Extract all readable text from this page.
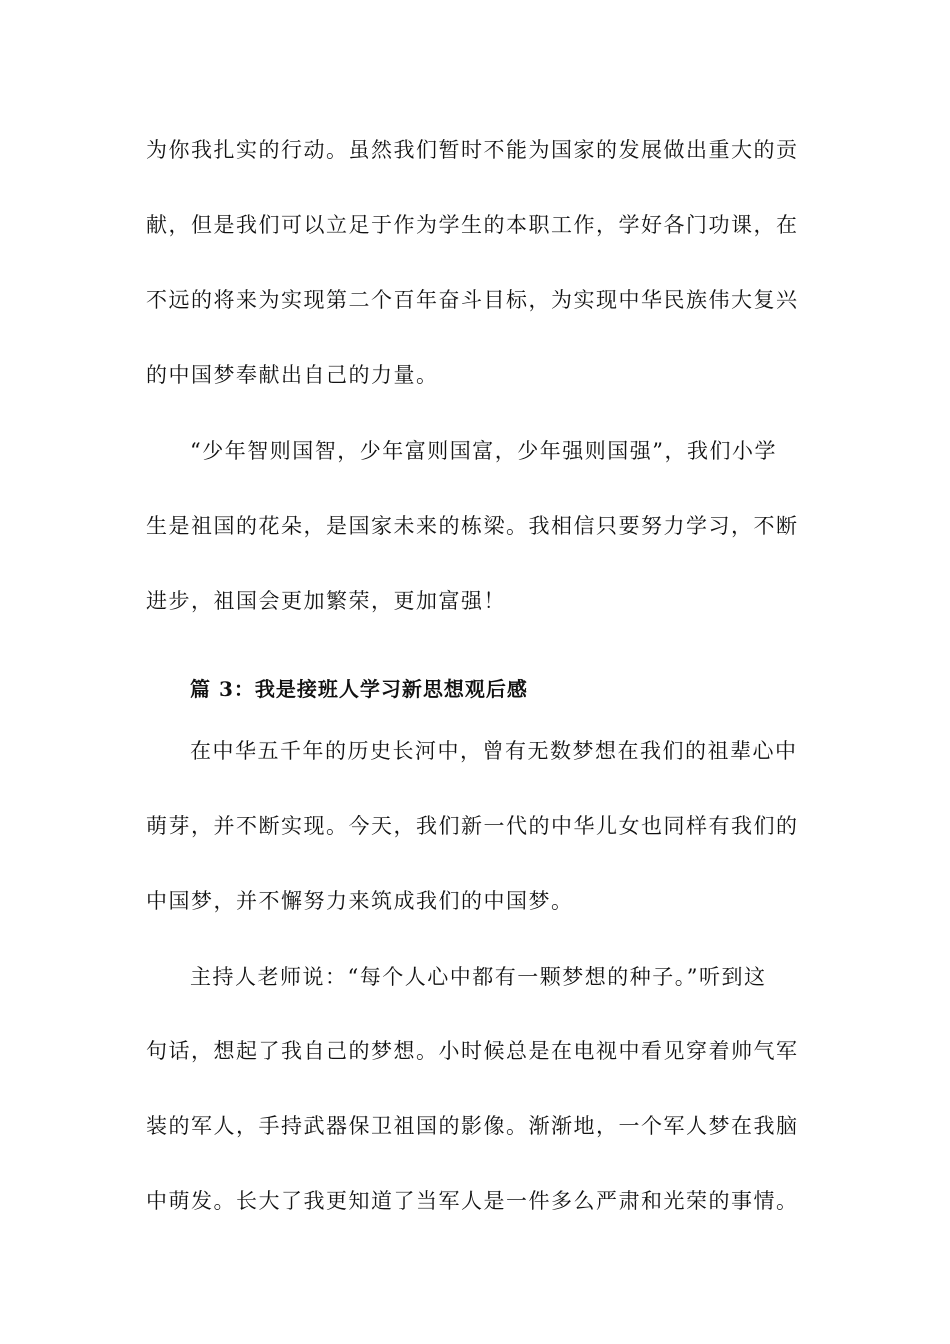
为你我扎实的行动。虽然我们暂时不能为国家的发展做出重大的贡
献，但是我们可以立足于作为学生的本职工作，学好各门功课，在
不远的将来为实现第二个百年奋斗目标，为实现中华民族伟大复兴
的中国梦奉献出自己的力量。
“少年智则国智，少年富则国富，少年强则国强”，我们小学
生是祖国的花朵，是国家未来的栋梁。我相信只要努力学习，不断
进步，祖国会更加繁荣，更加富强！
篇 3：我是接班人学习新思想观后感
在中华五千年的历史长河中，曾有无数梦想在我们的祖辈心中
萌芽，并不断实现。今天，我们新一代的中华儿女也同样有我们的
中国梦，并不懈努力来筑成我们的中国梦。
主持人老师说：“每个人心中都有一颗梦想的种子。”听到这
句话，想起了我自己的梦想。小时候总是在电视中看见穿着帅气军
装的军人，手持武器保卫祖国的影像。渐渐地，一个军人梦在我脑
中萌发。长大了我更知道了当军人是一件多么严肃和光荣的事情。
